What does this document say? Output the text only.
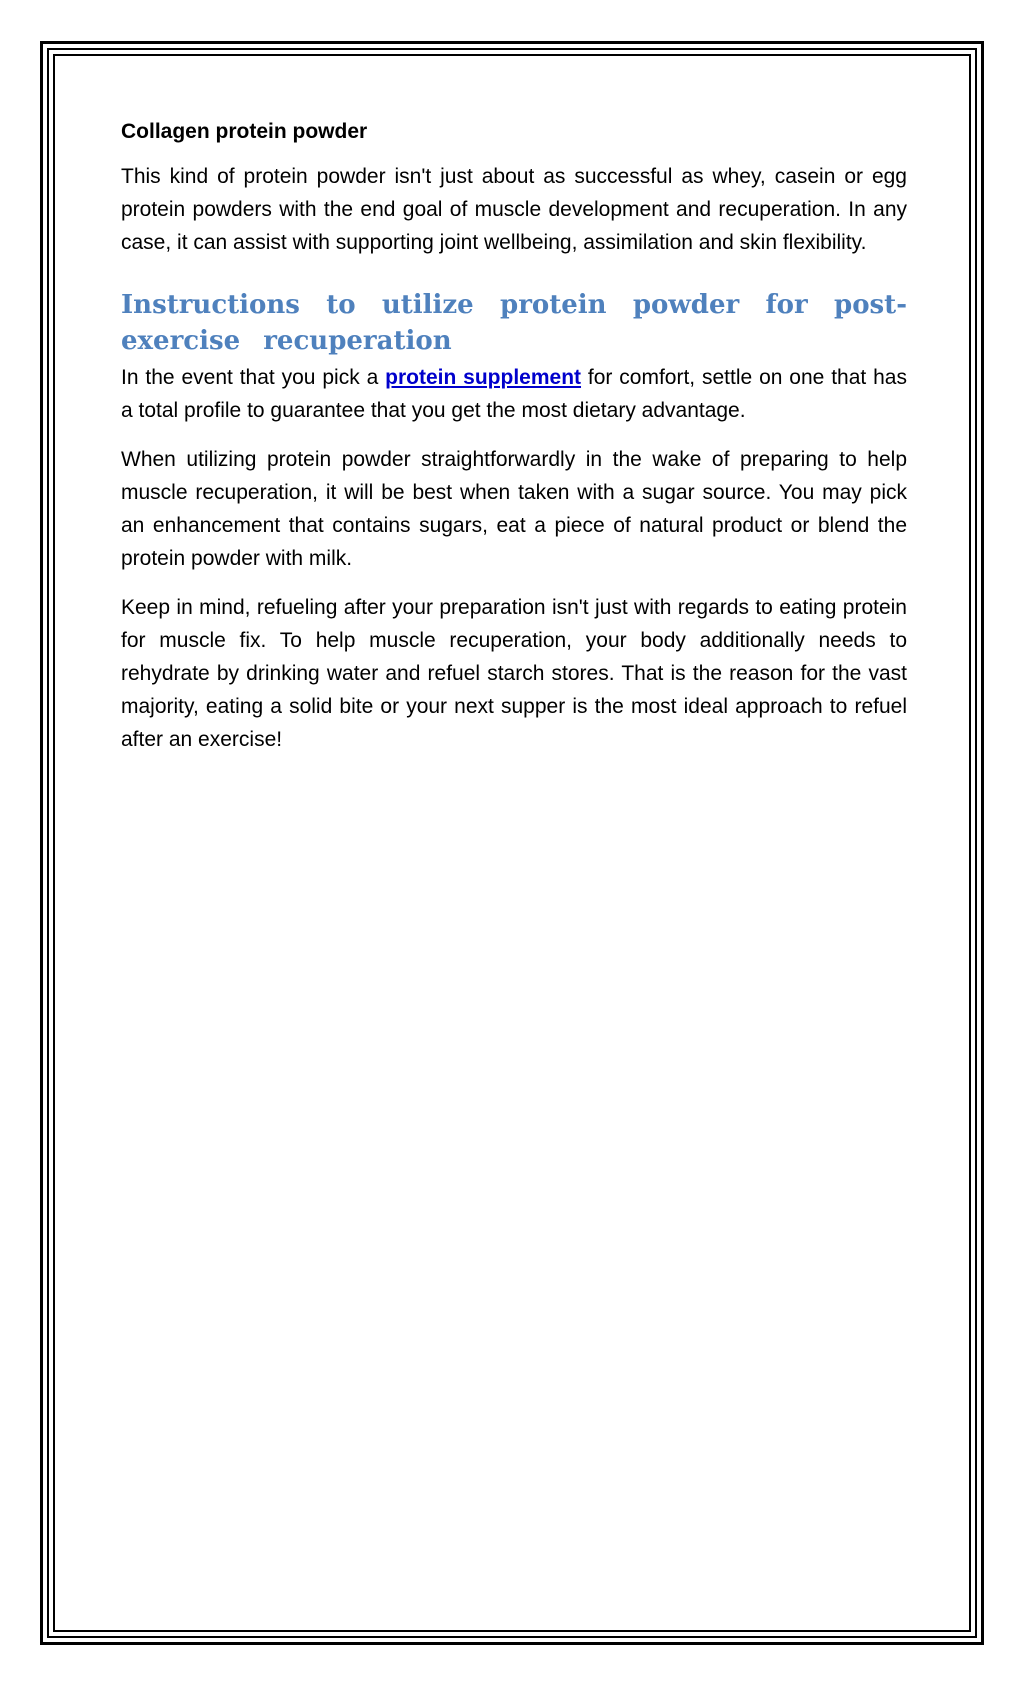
Collagen protein powder

This kind of protein powder isn't just about as successful as whey, casein or egg protein powders with the end goal of muscle development and recuperation. In any case, it can assist with supporting joint wellbeing, assimilation and skin flexibility.

Instructions to utilize protein powder for post-exercise recuperation

In the event that you pick a protein supplement for comfort, settle on one that has a total profile to guarantee that you get the most dietary advantage.

When utilizing protein powder straightforwardly in the wake of preparing to help muscle recuperation, it will be best when taken with a sugar source. You may pick an enhancement that contains sugars, eat a piece of natural product or blend the protein powder with milk.

Keep in mind, refueling after your preparation isn't just with regards to eating protein for muscle fix. To help muscle recuperation, your body additionally needs to rehydrate by drinking water and refuel starch stores. That is the reason for the vast majority, eating a solid bite or your next supper is the most ideal approach to refuel after an exercise!
